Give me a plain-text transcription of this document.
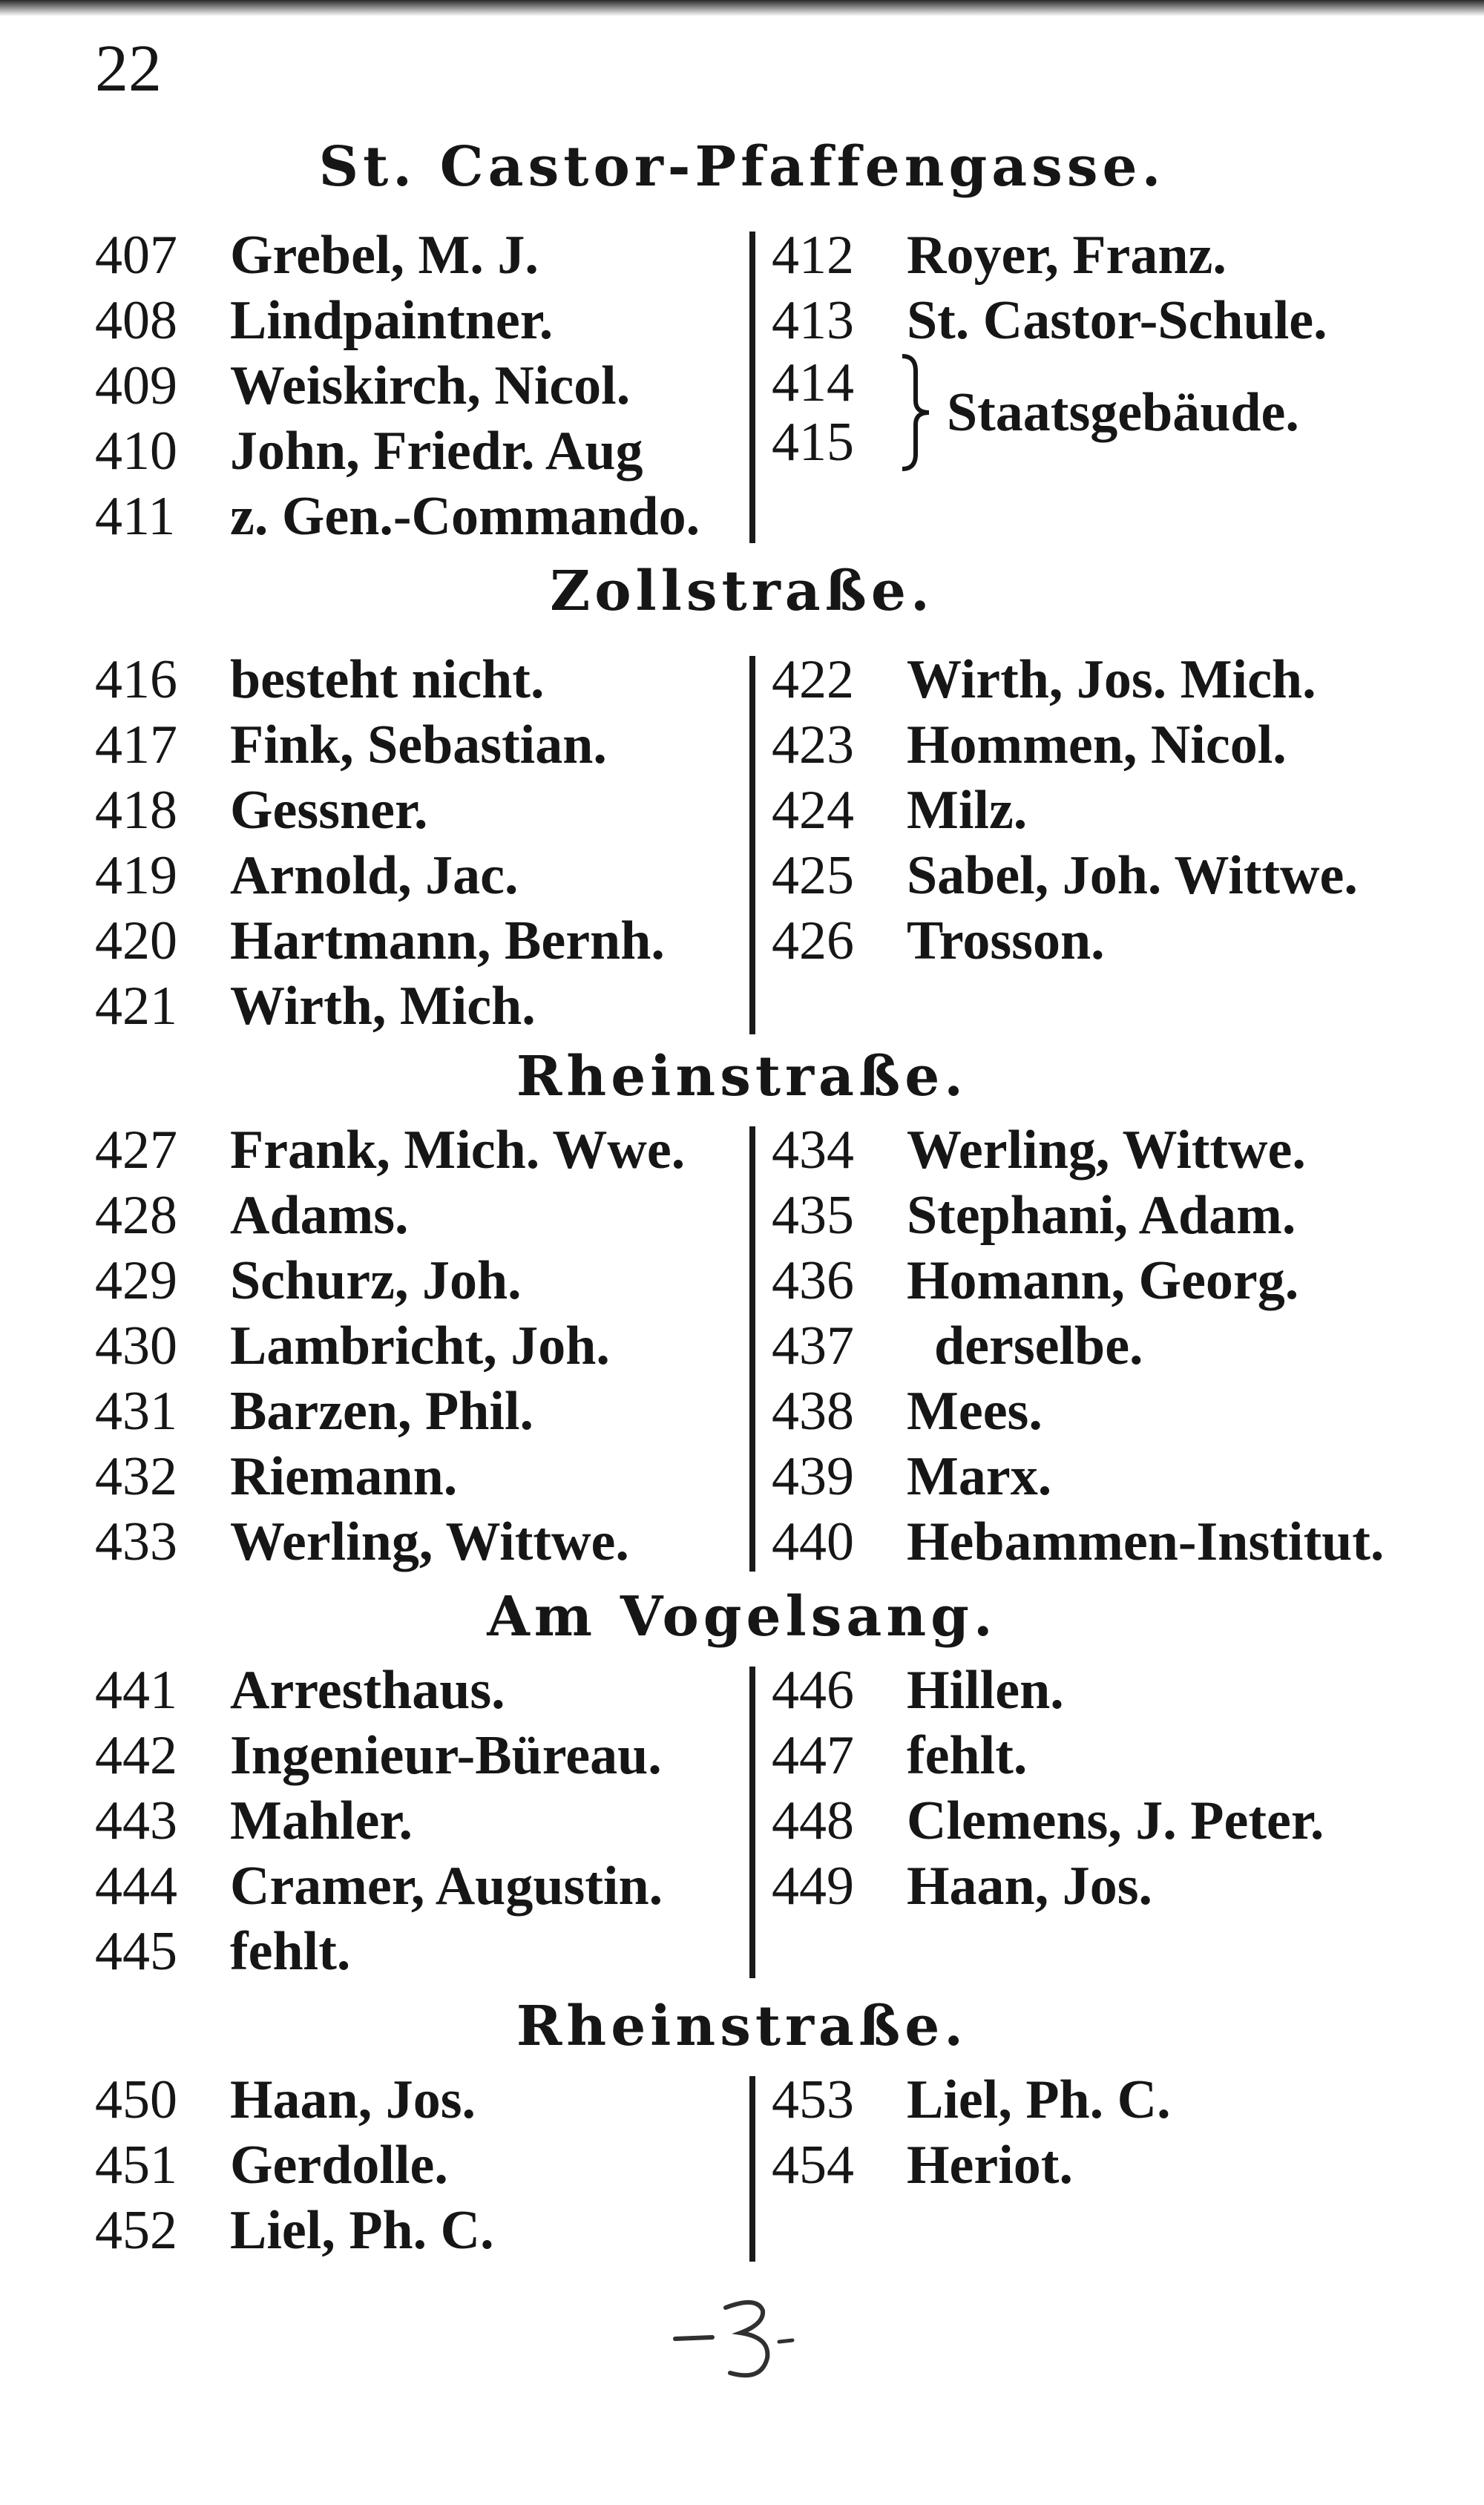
22
St. Castor-Pfaffengasse.
407 Grebel, M. J.
408 Lindpaintner.
409 Weiskirch, Nicol.
410 John, Friedr. Aug
411 z. Gen.-Commando.
412 Royer, Franz.
413 St. Castor-Schule.
414
415	Staatsgebäude.
Zollstraße.
416 besteht nicht.
417 Fink, Sebastian.
418 Gessner.
419 Arnold, Jac.
420 Hartmann, Bernh.
421 Wirth, Mich.
422 Wirth, Jos. Mich.
423 Hommen, Nicol.
424 Milz.
425 Sabel, Joh. Wittwe.
426 Trosson.
Rheinstraße.
427 Frank, Mich. Wwe.
428 Adams.
429 Schurz, Joh.
430 Lambricht, Joh.
431 Barzen, Phil.
432 Riemann.
433 Werling, Wittwe.
434 Werling, Wittwe.
435 Stephani, Adam.
436 Homann, Georg.
437 derselbe.
438 Mees.
439 Marx.
440 Hebammen-Institut.
Am Vogelsang.
441 Arresthaus.
442 Ingenieur-Büreau.
443 Mahler.
444 Cramer, Augustin.
445 fehlt.
446 Hillen.
447 fehlt.
448 Clemens, J. Peter.
449 Haan, Jos.
Rheinstraße.
450 Haan, Jos.
451 Gerdolle.
452 Liel, Ph. C.
453 Liel, Ph. C.
454 Heriot.
